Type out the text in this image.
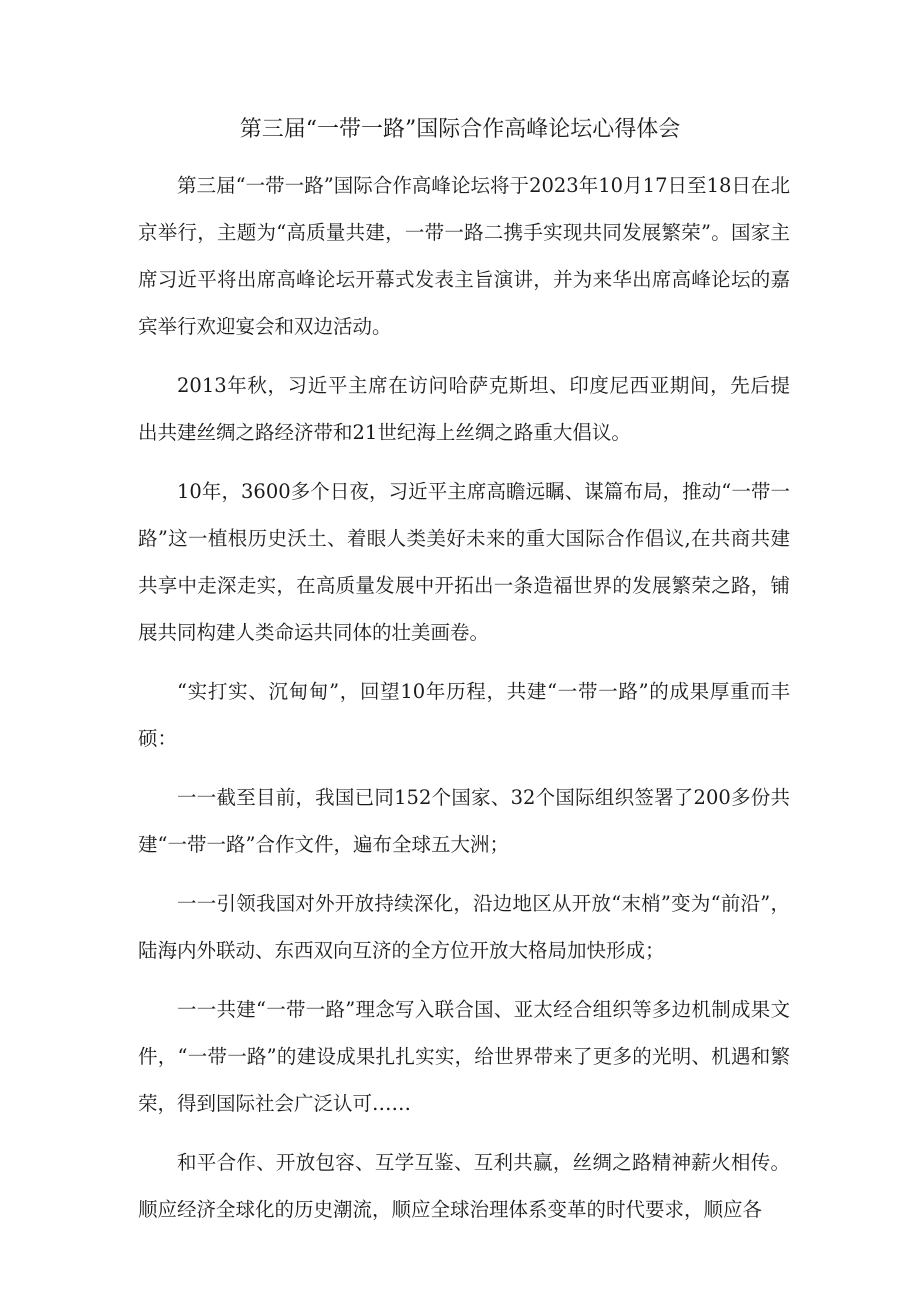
第三届“一带一路”国际合作高峰论坛心得体会

第三届“一带一路”国际合作高峰论坛将于2023年10月17日至18日在北京举行，主题为“高质量共建，一带一路二携手实现共同发展繁荣”。国家主席习近平将出席高峰论坛开幕式发表主旨演讲，并为来华出席高峰论坛的嘉宾举行欢迎宴会和双边活动。

2013年秋，习近平主席在访问哈萨克斯坦、印度尼西亚期间，先后提出共建丝绸之路经济带和21世纪海上丝绸之路重大倡议。

10年，3600多个日夜，习近平主席高瞻远瞩、谋篇布局，推动“一带一路”这一植根历史沃土、着眼人类美好未来的重大国际合作倡议,在共商共建共享中走深走实，在高质量发展中开拓出一条造福世界的发展繁荣之路，铺展共同构建人类命运共同体的壮美画卷。

“实打实、沉甸甸”，回望10年历程，共建“一带一路”的成果厚重而丰硕：

一一截至目前，我国已同152个国家、32个国际组织签署了200多份共建“一带一路”合作文件，遍布全球五大洲；

一一引领我国对外开放持续深化，沿边地区从开放“末梢”变为“前沿”，陆海内外联动、东西双向互济的全方位开放大格局加快形成；

一一共建“一带一路”理念写入联合国、亚太经合组织等多边机制成果文件，“一带一路”的建设成果扎扎实实，给世界带来了更多的光明、机遇和繁荣，得到国际社会广泛认可……

和平合作、开放包容、互学互鉴、互利共赢，丝绸之路精神薪火相传。顺应经济全球化的历史潮流，顺应全球治理体系变革的时代要求，顺应各
